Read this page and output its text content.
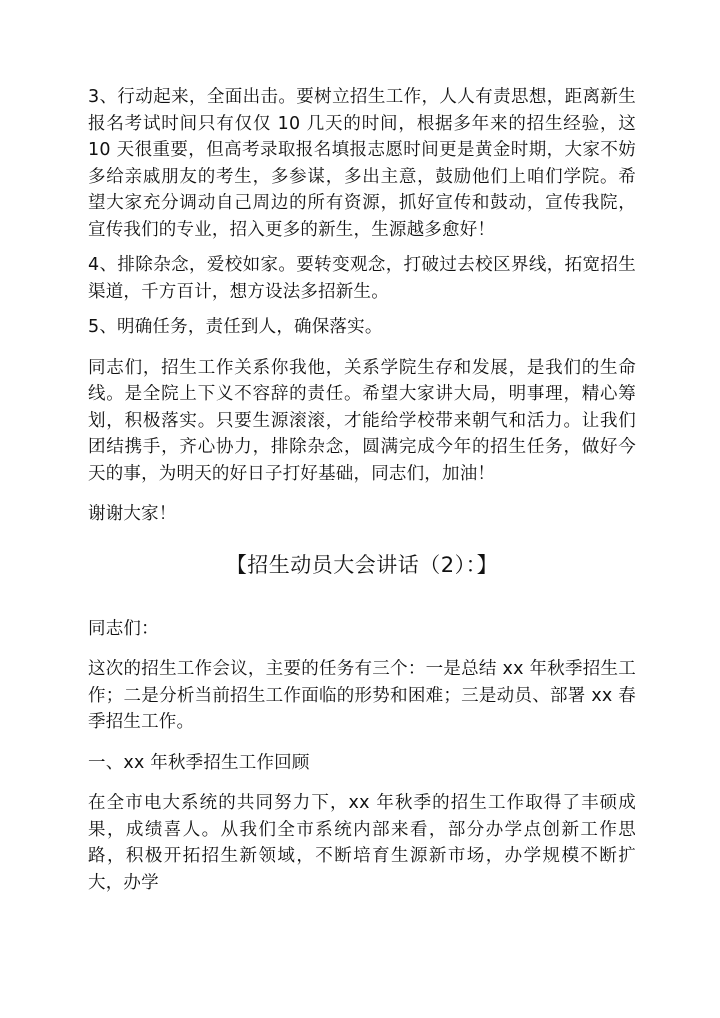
3、行动起来，全面出击。要树立招生工作，人人有责思想，距离新生报名考试时间只有仅仅 10 几天的时间，根据多年来的招生经验，这 10 天很重要，但高考录取报名填报志愿时间更是黄金时期，大家不妨多给亲戚朋友的考生，多参谋，多出主意，鼓励他们上咱们学院。希望大家充分调动自己周边的所有资源，抓好宣传和鼓动，宣传我院，宣传我们的专业，招入更多的新生，生源越多愈好！

4、排除杂念，爱校如家。要转变观念，打破过去校区界线，拓宽招生渠道，千方百计，想方设法多招新生。

5、明确任务，责任到人，确保落实。

同志们，招生工作关系你我他，关系学院生存和发展，是我们的生命线。是全院上下义不容辞的责任。希望大家讲大局，明事理，精心筹划，积极落实。只要生源滚滚，才能给学校带来朝气和活力。让我们团结携手，齐心协力，排除杂念，圆满完成今年的招生任务，做好今天的事，为明天的好日子打好基础，同志们，加油！

谢谢大家！

【招生动员大会讲话（2）：】

同志们：

这次的招生工作会议，主要的任务有三个：一是总结 xx 年秋季招生工作；二是分析当前招生工作面临的形势和困难；三是动员、部署 xx 春季招生工作。

一、xx 年秋季招生工作回顾

在全市电大系统的共同努力下，xx 年秋季的招生工作取得了丰硕成果，成绩喜人。从我们全市系统内部来看，部分办学点创新工作思路，积极开拓招生新领域，不断培育生源新市场，办学规模不断扩大，办学
